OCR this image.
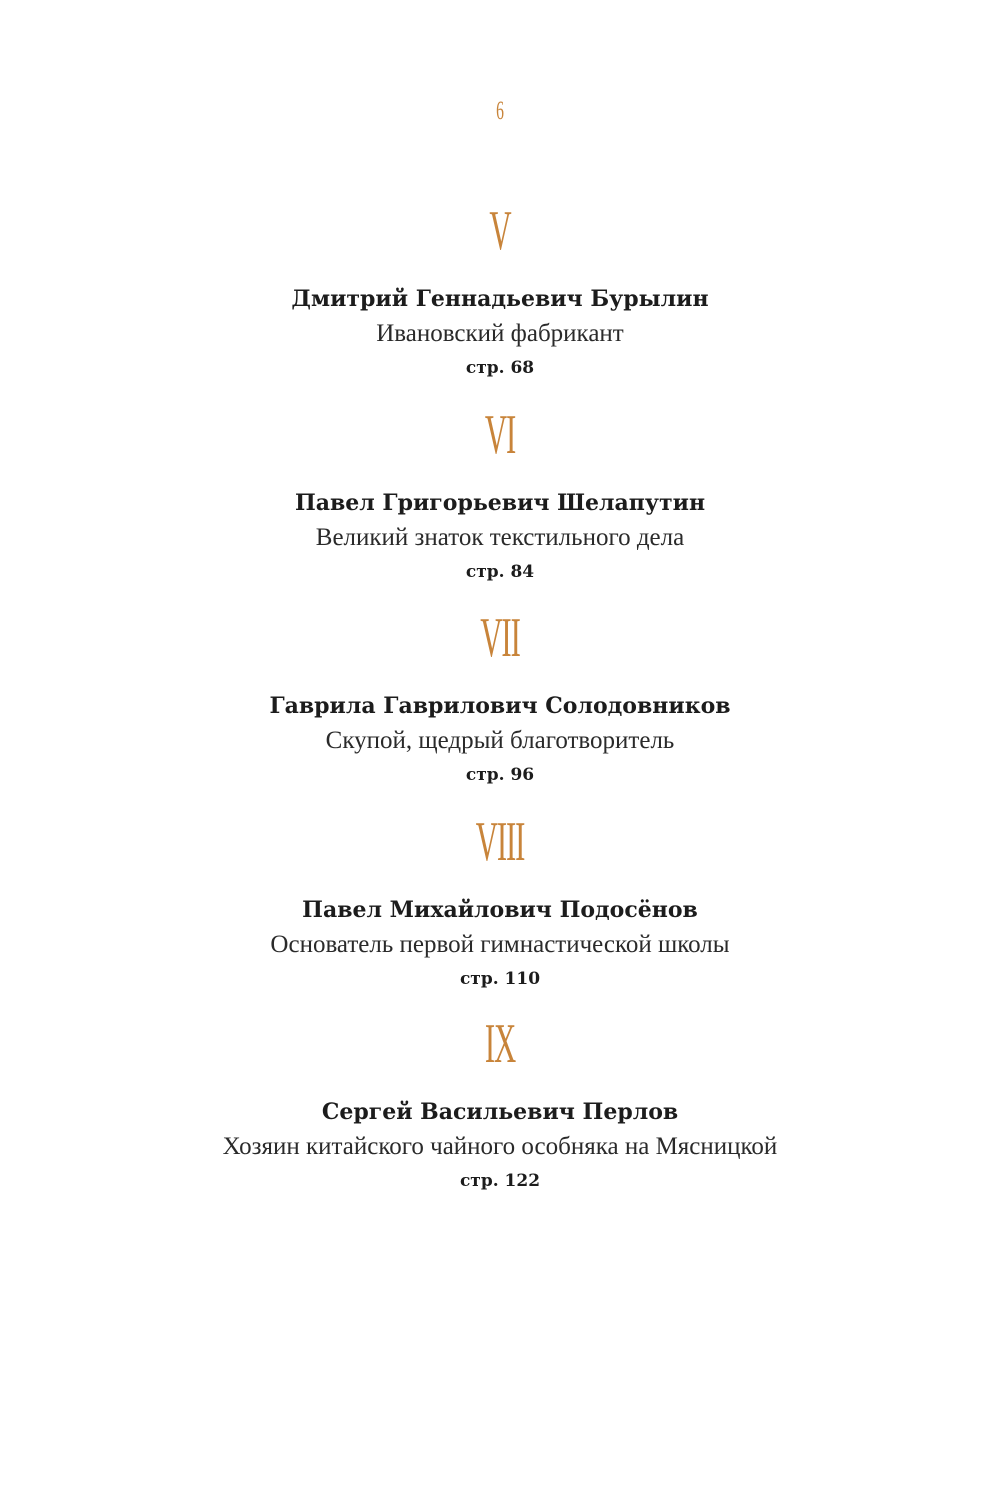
6
V
Дмитрий Геннадьевич Бурылин
Ивановский фабрикант
стр. 68
VI
Павел Григорьевич Шелапутин
Великий знаток текстильного дела
стр. 84
VII
Гаврила Гаврилович Солодовников
Скупой, щедрый благотворитель
стр. 96
VIII
Павел Михайлович Подосёнов
Основатель первой гимнастической школы
стр. 110
IX
Сергей Васильевич Перлов
Хозяин китайского чайного особняка на Мясницкой
стр. 122
